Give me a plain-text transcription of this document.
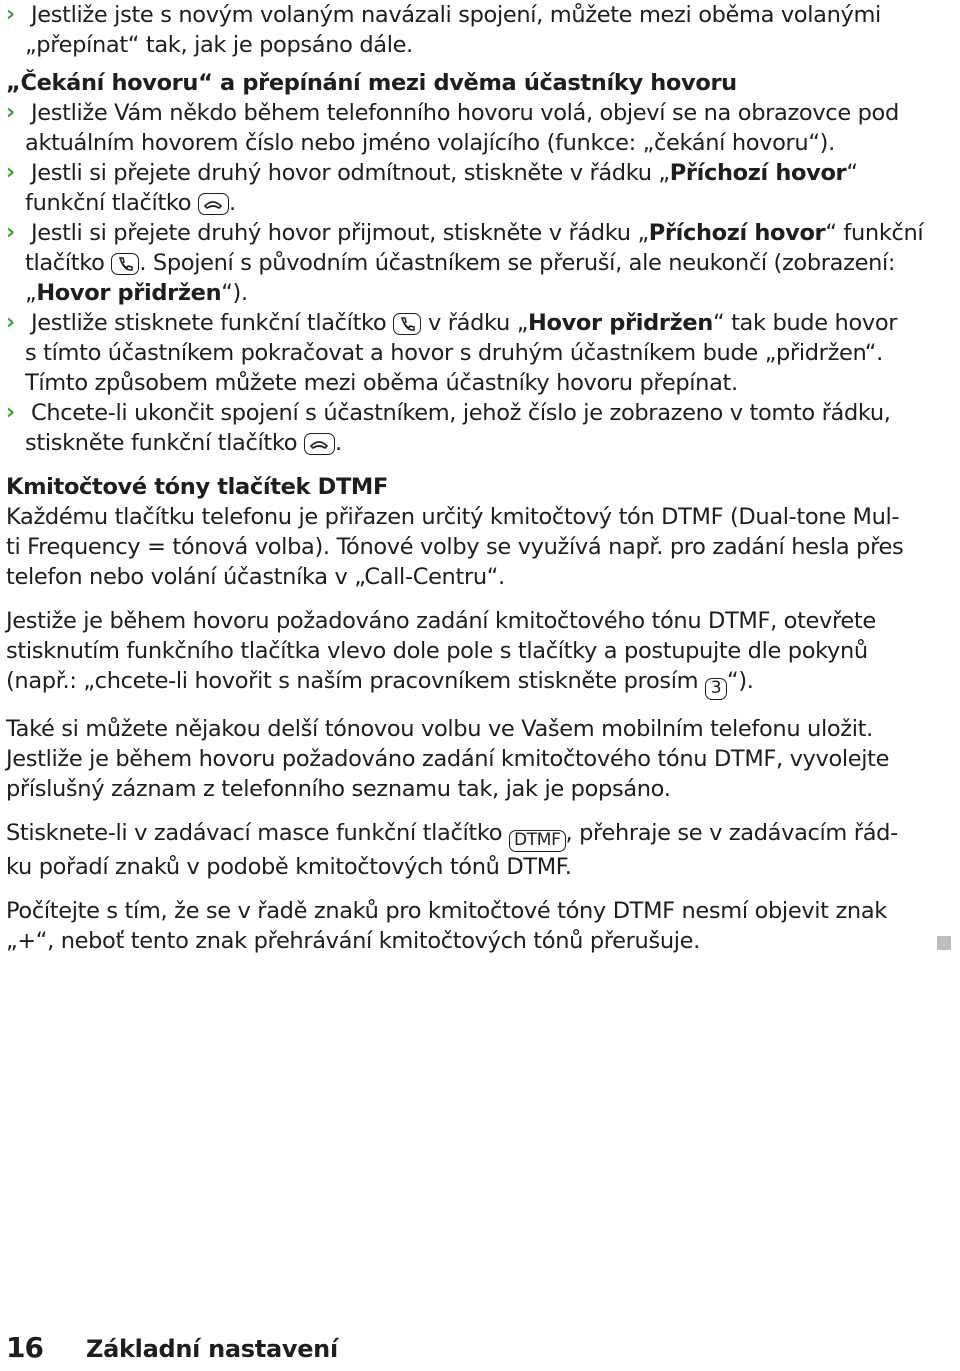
› Jestliže jste s novým volaným navázali spojení, můžete mezi oběma volanými
„přepínat“ tak, jak je popsáno dále.
„Čekání hovoru“ a přepínání mezi dvěma účastníky hovoru
› Jestliže Vám někdo během telefonního hovoru volá, objeví se na obrazovce pod
aktuálním hovorem číslo nebo jméno volajícího (funkce: „čekání hovoru“).
› Jestli si přejete druhý hovor odmítnout, stiskněte v řádku „Příchozí hovor“
funkční tlačítko .
› Jestli si přejete druhý hovor přijmout, stiskněte v řádku „Příchozí hovor“ funkční
tlačítko . Spojení s původním účastníkem se přeruší, ale neukončí (zobrazení:
„Hovor přidržen“).
› Jestliže stisknete funkční tlačítko v řádku „Hovor přidržen“ tak bude hovor
s tímto účastníkem pokračovat a hovor s druhým účastníkem bude „přidržen“.
Tímto způsobem můžete mezi oběma účastníky hovoru přepínat.
› Chcete-li ukončit spojení s účastníkem, jehož číslo je zobrazeno v tomto řádku,
stiskněte funkční tlačítko .
Kmitočtové tóny tlačítek DTMF
Každému tlačítku telefonu je přiřazen určitý kmitočtový tón DTMF (Dual-tone Mul-
ti Frequency = tónová volba). Tónové volby se využívá např. pro zadání hesla přes
telefon nebo volání účastníka v „Call-Centru“.
Jestiže je během hovoru požadováno zadání kmitočtového tónu DTMF, otevřete
stisknutím funkčního tlačítka vlevo dole pole s tlačítky a postupujte dle pokynů
(např.: „chcete-li hovořit s naším pracovníkem stiskněte prosím 3 “).
Také si můžete nějakou delší tónovou volbu ve Vašem mobilním telefonu uložit.
Jestliže je během hovoru požadováno zadání kmitočtového tónu DTMF, vyvolejte
příslušný záznam z telefonního seznamu tak, jak je popsáno.
Stisknete-li v zadávací masce funkční tlačítko DTMF , přehraje se v zadávacím řád-
ku pořadí znaků v podobě kmitočtových tónů DTMF.
Počítejte s tím, že se v řadě znaků pro kmitočtové tóny DTMF nesmí objevit znak
„+“, neboť tento znak přehrávání kmitočtových tónů přerušuje.
16 Základní nastavení
